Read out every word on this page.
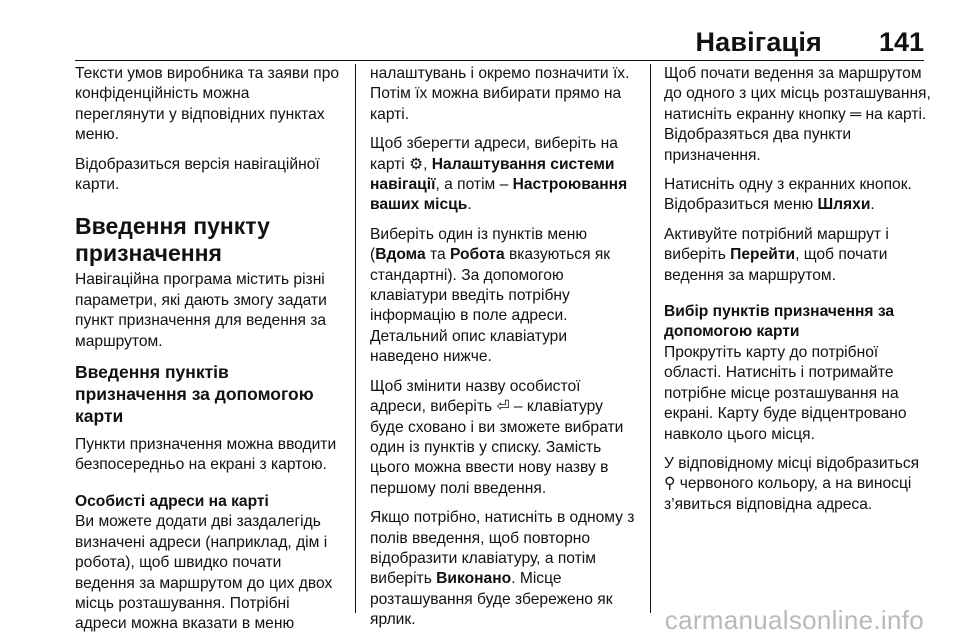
Навігація 141

Тексти умов виробника та заяви про конфіденційність можна переглянути у відповідних пунктах меню.

Відобразиться версія навігаційної карти.

Введення пункту призначення

Навігаційна програма містить різні параметри, які дають змогу задати пункт призначення для ведення за маршрутом.

Введення пунктів призначення за допомогою карти

Пункти призначення можна вводити безпосередньо на екрані з картою.

Особисті адреси на карті

Ви можете додати дві заздалегідь визначені адреси (наприклад, дім і робота), щоб швидко почати ведення за маршрутом до цих двох місць розташування. Потрібні адреси можна вказати в меню

налаштувань і окремо позначити їх. Потім їх можна вибирати прямо на карті.

Щоб зберегти адреси, виберіть на карті ⚙, Налаштування системи навігації, а потім – Настроювання ваших місць.

Виберіть один із пунктів меню (Вдома та Робота вказуються як стандартні). За допомогою клавіатури введіть потрібну інформацію в поле адреси. Детальний опис клавіатури наведено нижче.

Щоб змінити назву особистої адреси, виберіть ⏎ – клавіатуру буде сховано і ви зможете вибрати один із пунктів у списку. Замість цього можна ввести нову назву в першому полі введення.

Якщо потрібно, натисніть в одному з полів введення, щоб повторно відобразити клавіатуру, а потім виберіть Виконано. Місце розташування буде збережено як ярлик.

Щоб почати ведення за маршрутом до одного з цих місць розташування, натисніть екранну кнопку ═ на карті. Відобразяться два пункти призначення.

Натисніть одну з екранних кнопок. Відобразиться меню Шляхи.

Активуйте потрібний маршрут і виберіть Перейти, щоб почати ведення за маршрутом.

Вибір пунктів призначення за допомогою карти

Прокрутіть карту до потрібної області. Натисніть і потримайте потрібне місце розташування на екрані. Карту буде відцентровано навколо цього місця.

У відповідному місці відобразиться ⚲ червоного кольору, а на виносці з’явиться відповідна адреса.

carmanualsonline.info
